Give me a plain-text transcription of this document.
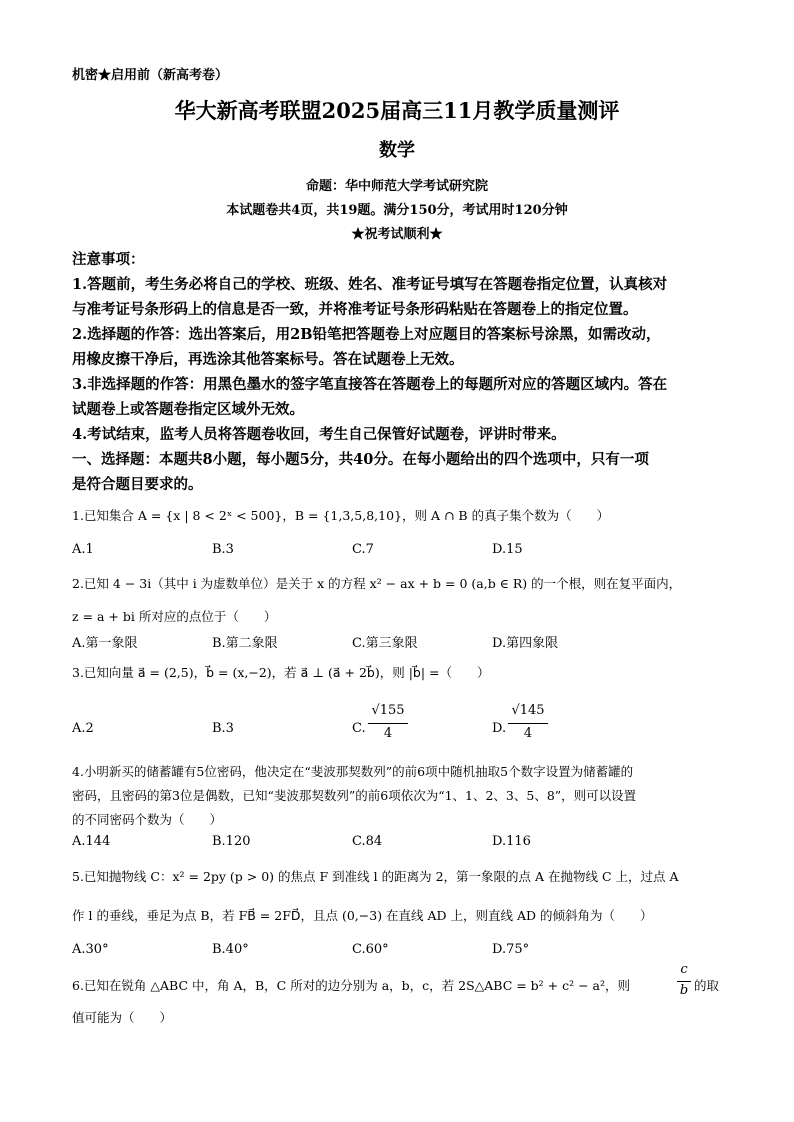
机密★启用前（新高考卷）
华大新高考联盟2025届高三11月教学质量测评
数学
命题：华中师范大学考试研究院
本试题卷共4页，共19题。满分150分，考试用时120分钟
★祝考试顺利★
注意事项：
1.答题前，考生务必将自己的学校、班级、姓名、准考证号填写在答题卷指定位置，认真核对
与准考证号条形码上的信息是否一致，并将准考证号条形码粘贴在答题卷上的指定位置。
2.选择题的作答：选出答案后，用2B铅笔把答题卷上对应题目的答案标号涂黑，如需改动，
用橡皮擦干净后，再选涂其他答案标号。答在试题卷上无效。
3.非选择题的作答：用黑色墨水的签字笔直接答在答题卷上的每题所对应的答题区域内。答在
试题卷上或答题卷指定区域外无效。
4.考试结束，监考人员将答题卷收回，考生自己保管好试题卷，评讲时带来。
一、选择题：本题共8小题，每小题5分，共40分。在每小题给出的四个选项中，只有一项
是符合题目要求的。
1.已知集合 A = {x | 8 < 2ˣ < 500}，B = {1,3,5,8,10}，则 A ∩ B 的真子集个数为（　　）
A.1	B.3	C.7	D.15
2.已知 4 − 3i（其中 i 为虚数单位）是关于 x 的方程 x² − ax + b = 0 (a,b ∈ R) 的一个根，则在复平面内，
z = a + bi 所对应的点位于（　　）
A.第一象限	B.第二象限	C.第三象限	D.第四象限
3.已知向量 a⃗ = (2,5)，b⃗ = (x,−2)，若 a⃗ ⊥ (a⃗ + 2b⃗)，则 |b⃗| =（　　）
A.2	B.3	C.
√155
4	D.
√145
4
4.小明新买的储蓄罐有5位密码，他决定在“斐波那契数列”的前6项中随机抽取5个数字设置为储蓄罐的
密码，且密码的第3位是偶数，已知“斐波那契数列”的前6项依次为“1、1、2、3、5、8”，则可以设置
的不同密码个数为（　　）
A.144	B.120	C.84	D.116
5.已知抛物线 C：x² = 2py (p > 0) 的焦点 F 到准线 l 的距离为 2，第一象限的点 A 在抛物线 C 上，过点 A
作 l 的垂线，垂足为点 B，若 FB⃗ = 2FD⃗，且点 (0,−3) 在直线 AD 上，则直线 AD 的倾斜角为（　　）
A.30°	B.40°	C.60°	D.75°
6.已知在锐角 △ABC 中，角 A，B，C 所对的边分别为 a，b，c，若 2S△ABC = b² + c² − a²，则
c
b 的取
值可能为（　　）
